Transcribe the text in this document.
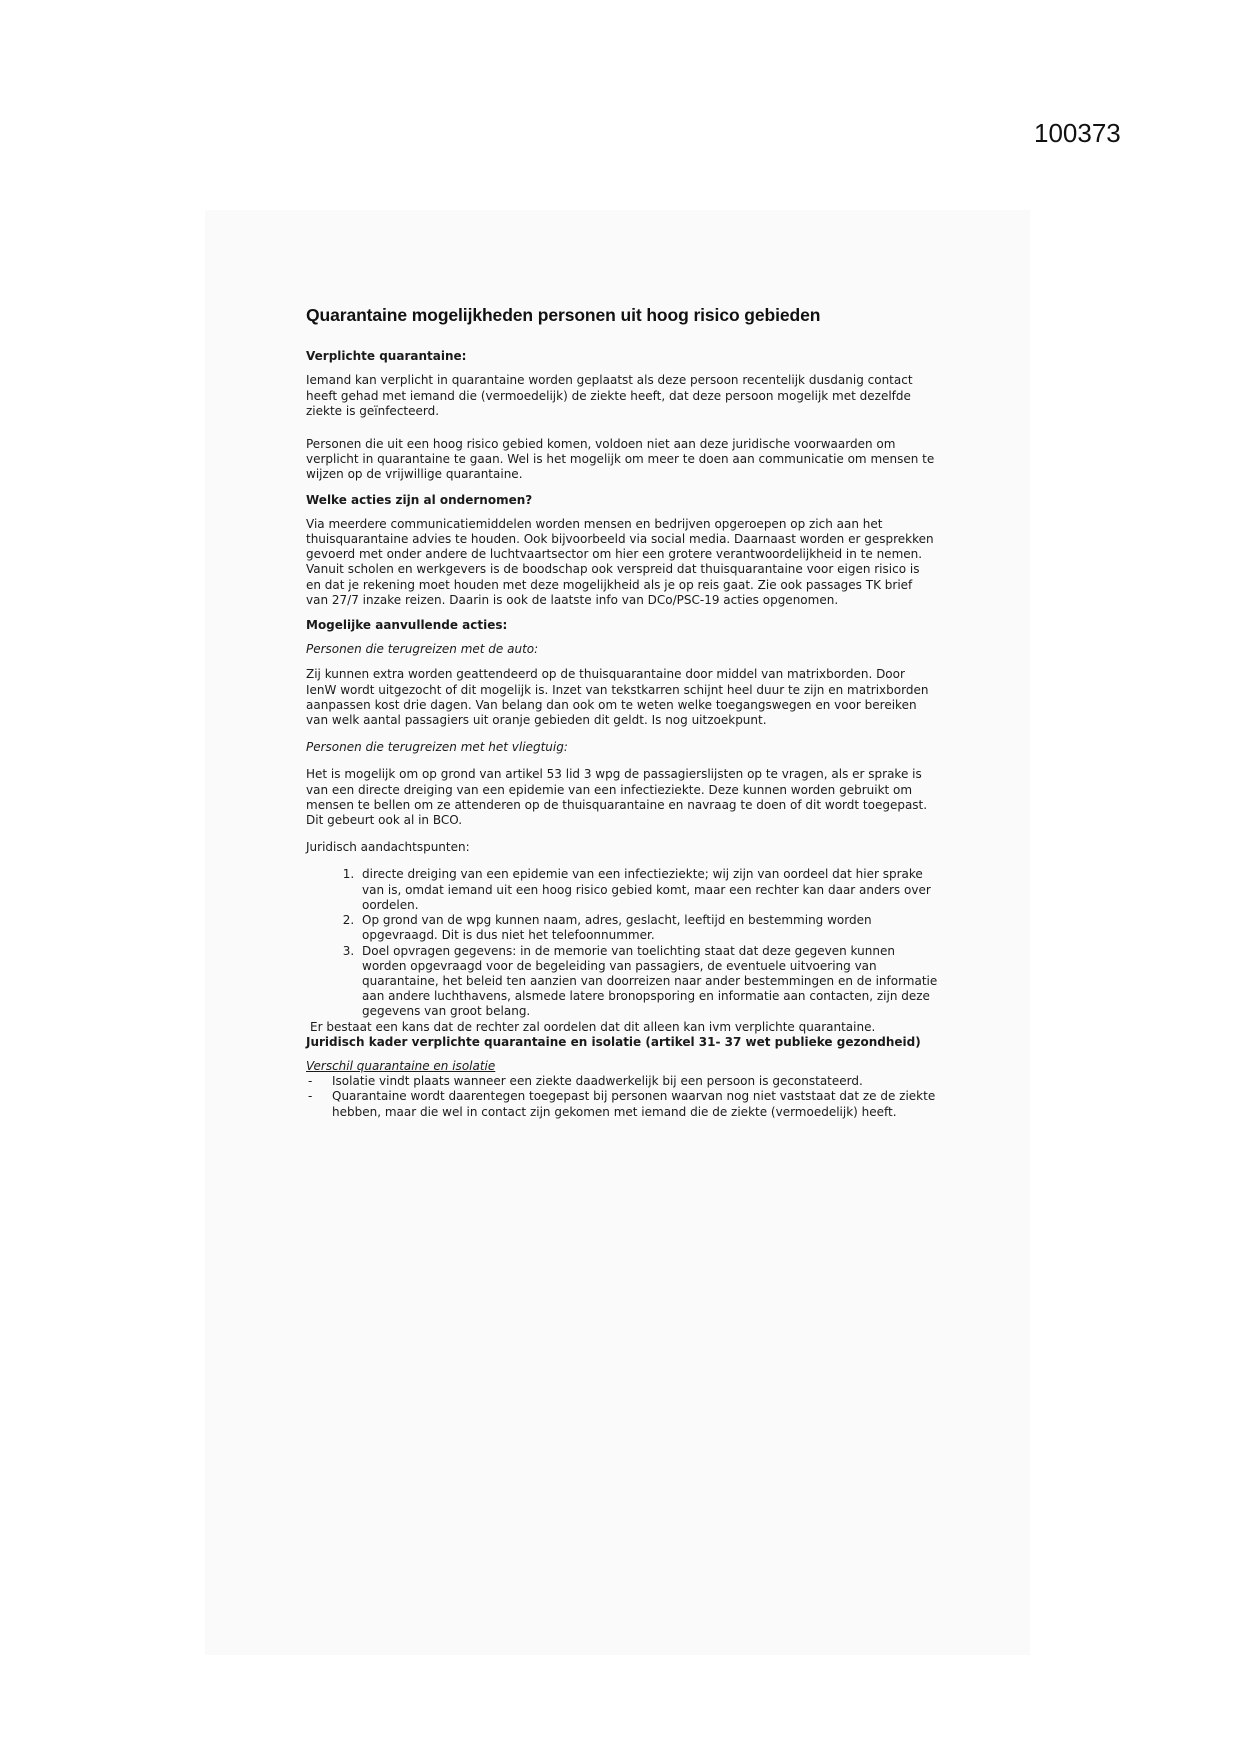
100373
Quarantaine mogelijkheden personen uit hoog risico gebieden
Verplichte quarantaine:

Iemand kan verplicht in quarantaine worden geplaatst als deze persoon recentelijk dusdanig contact heeft gehad met iemand die (vermoedelijk) de ziekte heeft, dat deze persoon mogelijk met dezelfde ziekte is geïnfecteerd.

Personen die uit een hoog risico gebied komen, voldoen niet aan deze juridische voorwaarden om verplicht in quarantaine te gaan. Wel is het mogelijk om meer te doen aan communicatie om mensen te wijzen op de vrijwillige quarantaine.

Welke acties zijn al ondernomen?

Via meerdere communicatiemiddelen worden mensen en bedrijven opgeroepen op zich aan het thuisquarantaine advies te houden. Ook bijvoorbeeld via social media. Daarnaast worden er gesprekken gevoerd met onder andere de luchtvaartsector om hier een grotere verantwoordelijkheid in te nemen. Vanuit scholen en werkgevers is de boodschap ook verspreid dat thuisquarantaine voor eigen risico is en dat je rekening moet houden met deze mogelijkheid als je op reis gaat. Zie ook passages TK brief van 27/7 inzake reizen. Daarin is ook de laatste info van DCo/PSC-19 acties opgenomen.

Mogelijke aanvullende acties:

Personen die terugreizen met de auto:

Zij kunnen extra worden geattendeerd op de thuisquarantaine door middel van matrixborden. Door IenW wordt uitgezocht of dit mogelijk is. Inzet van tekstkarren schijnt heel duur te zijn en matrixborden aanpassen kost drie dagen. Van belang dan ook om te weten welke toegangswegen en voor bereiken van welk aantal passagiers uit oranje gebieden dit geldt. Is nog uitzoekpunt.

Personen die terugreizen met het vliegtuig:

Het is mogelijk om op grond van artikel 53 lid 3 wpg de passagierslijsten op te vragen, als er sprake is van een directe dreiging van een epidemie van een infectieziekte. Deze kunnen worden gebruikt om mensen te bellen om ze attenderen op de thuisquarantaine en navraag te doen of dit wordt toegepast. Dit gebeurt ook al in BCO.

Juridisch aandachtspunten:

1. directe dreiging van een epidemie van een infectieziekte; wij zijn van oordeel dat hier sprake van is, omdat iemand uit een hoog risico gebied komt, maar een rechter kan daar anders over oordelen.
2. Op grond van de wpg kunnen naam, adres, geslacht, leeftijd en bestemming worden opgevraagd. Dit is dus niet het telefoonnummer.
3. Doel opvragen gegevens: in de memorie van toelichting staat dat deze gegeven kunnen worden opgevraagd voor de begeleiding van passagiers, de eventuele uitvoering van quarantaine, het beleid ten aanzien van doorreizen naar ander bestemmingen en de informatie aan andere luchthavens, alsmede latere bronopsporing en informatie aan contacten, zijn deze gegevens van groot belang.

Er bestaat een kans dat de rechter zal oordelen dat dit alleen kan ivm verplichte quarantaine.

Juridisch kader verplichte quarantaine en isolatie (artikel 31- 37 wet publieke gezondheid)

Verschil quarantaine en isolatie

- Isolatie vindt plaats wanneer een ziekte daadwerkelijk bij een persoon is geconstateerd.
- Quarantaine wordt daarentegen toegepast bij personen waarvan nog niet vaststaat dat ze de ziekte hebben, maar die wel in contact zijn gekomen met iemand die de ziekte (vermoedelijk) heeft.
